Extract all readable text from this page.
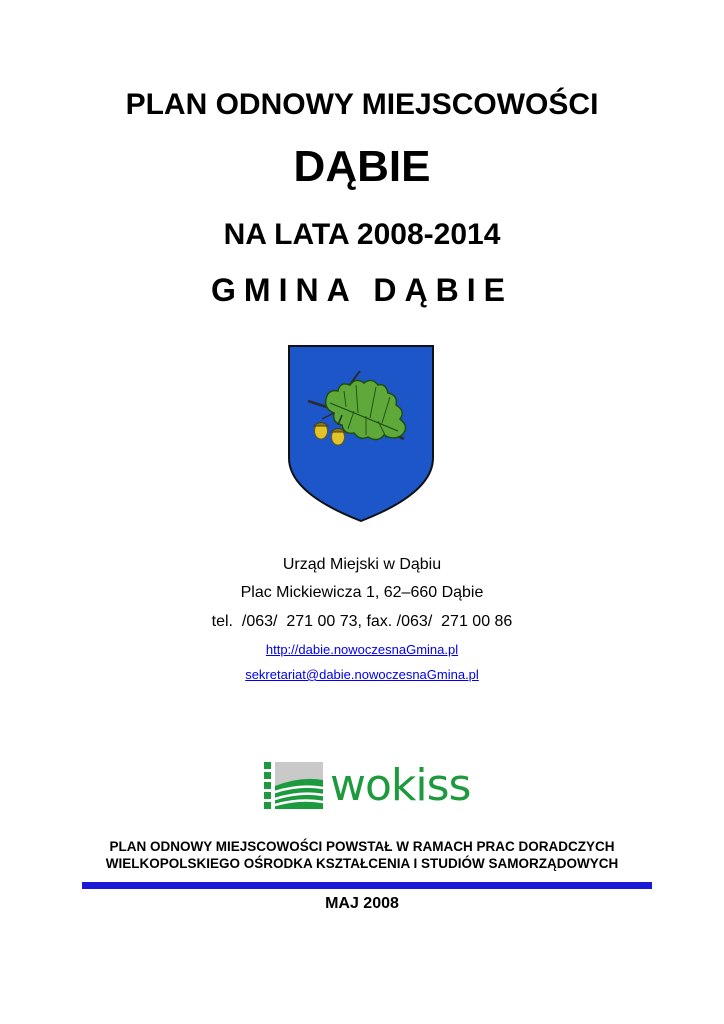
PLAN ODNOWY MIEJSCOWOŚCI
DĄBIE
NA LATA 2008-2014
GMINA DĄBIE
Urząd Miejski w Dąbiu
Plac Mickiewicza 1, 62–660 Dąbie
tel.  /063/  271 00 73, fax. /063/  271 00 86
http://dabie.nowoczesnaGmina.pl
sekretariat@dabie.nowoczesnaGmina.pl
wokiss
PLAN ODNOWY MIEJSCOWOŚCI POWSTAŁ W RAMACH PRAC DORADCZYCH
WIELKOPOLSKIEGO OŚRODKA KSZTAŁCENIA I STUDIÓW SAMORZĄDOWYCH
MAJ 2008
